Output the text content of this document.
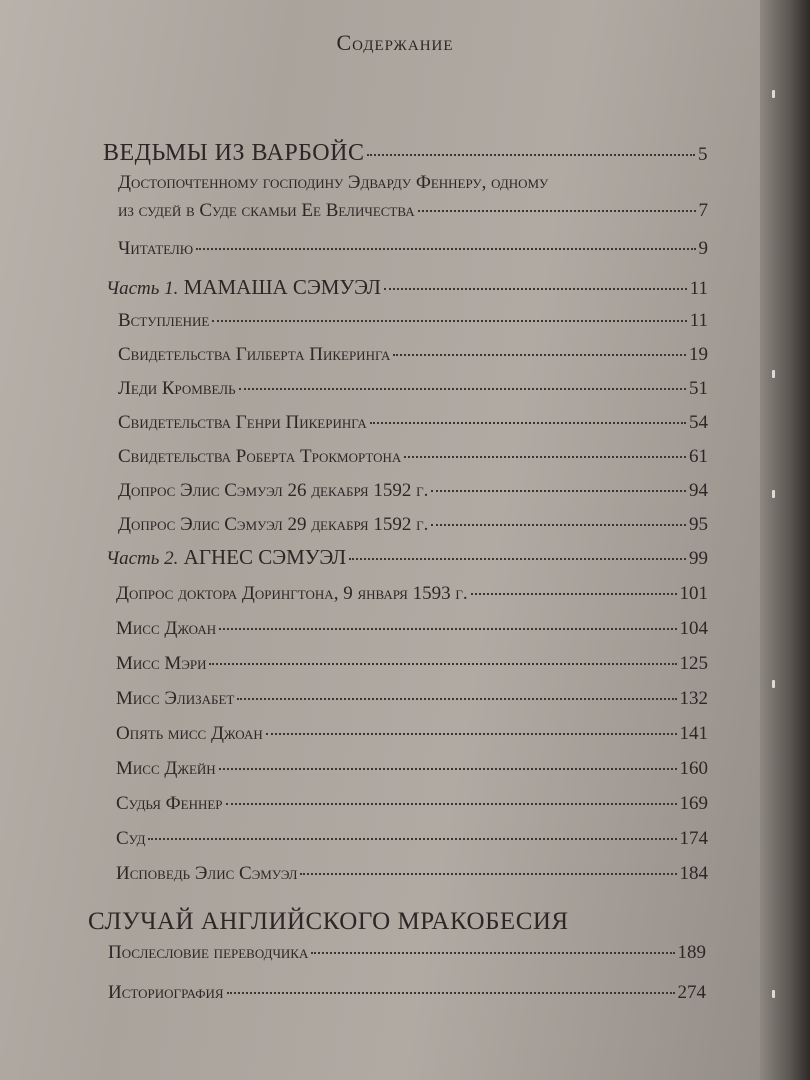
Содержание
ВЕДЬМЫ ИЗ ВАРБОЙС	5
Достопочтенному господину Эдварду Феннеру, одному
из судей в Суде скамьи Ее Величества	7
Читателю	9
Часть 1. МАМАША СЭМУЭЛ	11
Вступление	11
Свидетельства Гилберта Пикеринга	19
Леди Кромвель	51
Свидетельства Генри Пикеринга	54
Свидетельства Роберта Трокмортона	61
Допрос Элис Сэмуэл 26 декабря 1592 г.	94
Допрос Элис Сэмуэл 29 декабря 1592 г.	95
Часть 2. АГНЕС СЭМУЭЛ	99
Допрос доктора Дорингтона, 9 января 1593 г.	101
Мисс Джоан	104
Мисс Мэри	125
Мисс Элизабет	132
Опять мисс Джоан	141
Мисс Джейн	160
Судья Феннер	169
Суд	174
Исповедь Элис Сэмуэл	184
СЛУЧАЙ АНГЛИЙСКОГО МРАКОБЕСИЯ
Послесловие переводчика	189
Историография	274
